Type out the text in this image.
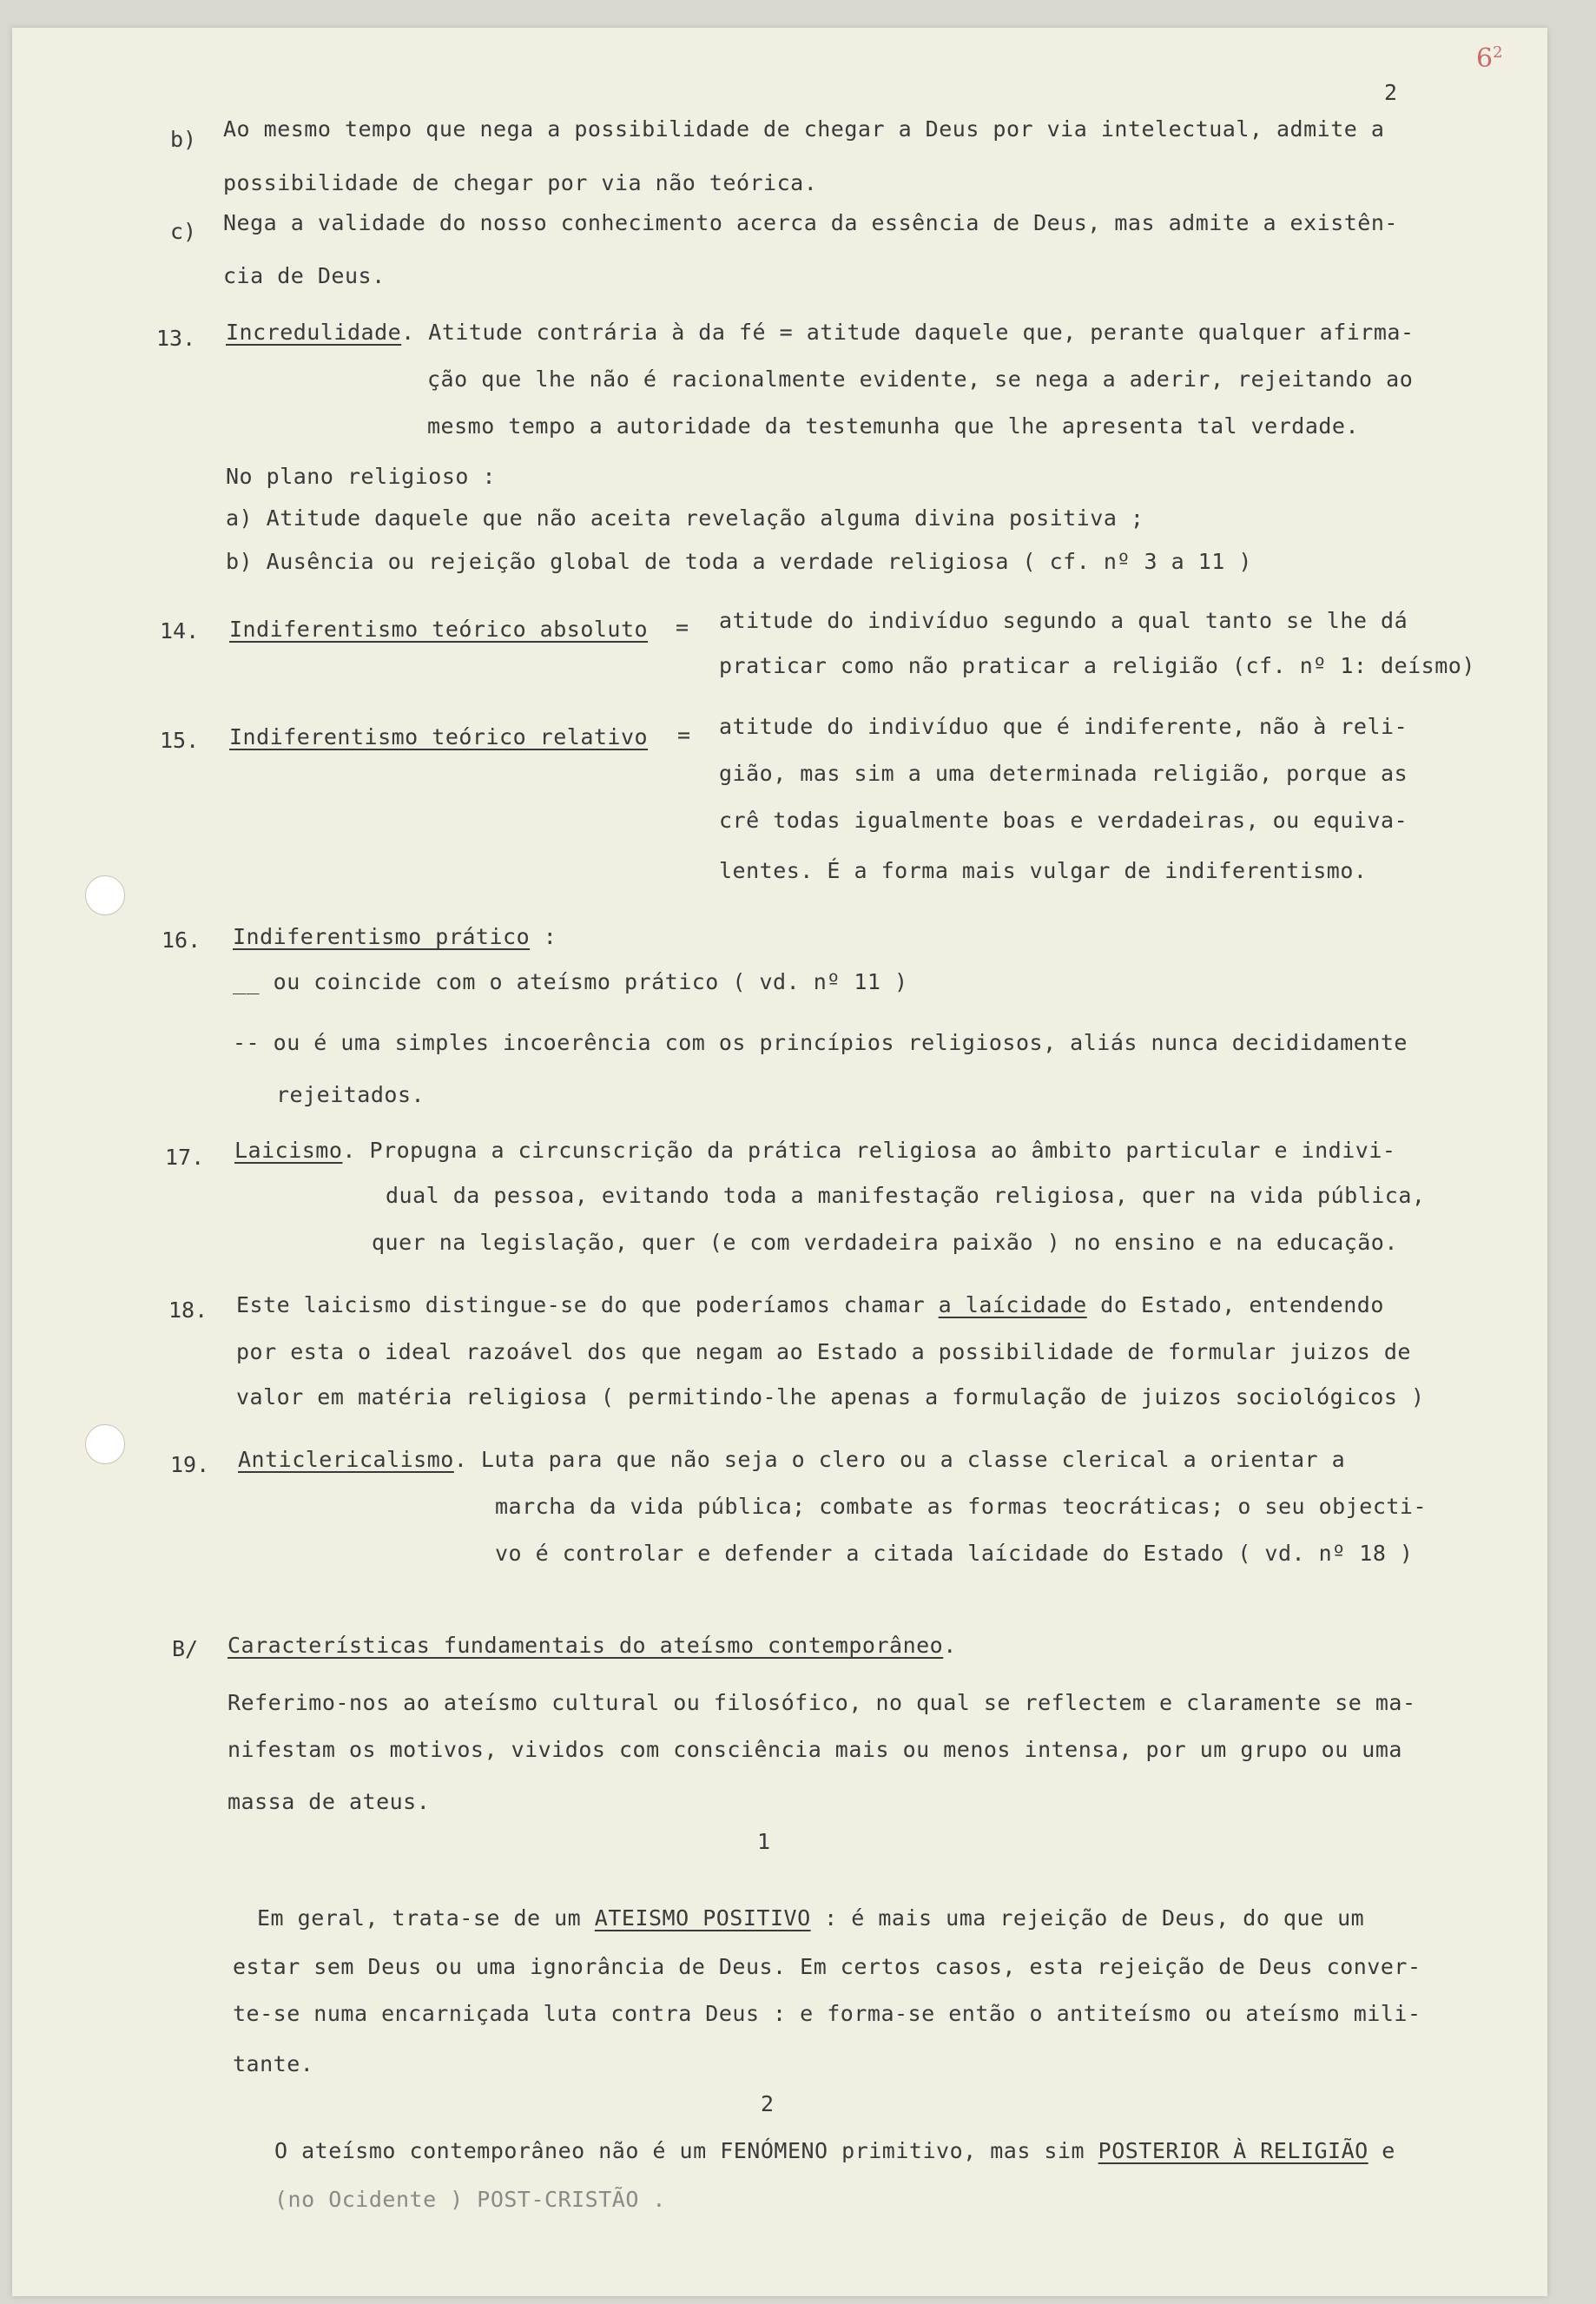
$6^2$
2
b) Ao mesmo tempo que nega a possibilidade de chegar a Deus por via intelectual, admite a
possibilidade de chegar por via não teórica.
c) Nega a validade do nosso conhecimento acerca da essência de Deus, mas admite a existên-
cia de Deus.
13. Incredulidade. Atitude contrária à da fé = atitude daquele que, perante qualquer afirma-
ção que lhe não é racionalmente evidente, se nega a aderir, rejeitando ao
mesmo tempo a autoridade da testemunha que lhe apresenta tal verdade.
No plano religioso :
a) Atitude daquele que não aceita revelação alguma divina positiva ;
b) Ausência ou rejeição global de toda a verdade religiosa ( cf. nº 3 a 11 )
14. Indiferentismo teórico absoluto = atitude do indivíduo segundo a qual tanto se lhe dá
praticar como não praticar a religião (cf. nº 1: deísmo)
15. Indiferentismo teórico relativo = atitude do indivíduo que é indiferente, não à reli-
gião, mas sim a uma determinada religião, porque as
crê todas igualmente boas e verdadeiras, ou equiva-
lentes. É a forma mais vulgar de indiferentismo.
16. Indiferentismo prático :
__ ou coincide com o ateísmo prático ( vd. nº 11 )
-- ou é uma simples incoerência com os princípios religiosos, aliás nunca decididamente
rejeitados.
17. Laicismo. Propugna a circunscrição da prática religiosa ao âmbito particular e indivi-
dual da pessoa, evitando toda a manifestação religiosa, quer na vida pública,
quer na legislação, quer (e com verdadeira paixão ) no ensino e na educação.
18. Este laicismo distingue-se do que poderíamos chamar a laícidade do Estado, entendendo
por esta o ideal razoável dos que negam ao Estado a possibilidade de formular juizos de
valor em matéria religiosa ( permitindo-lhe apenas a formulação de juizos sociológicos )
19. Anticlericalismo. Luta para que não seja o clero ou a classe clerical a orientar a
marcha da vida pública; combate as formas teocráticas; o seu objecti-
vo é controlar e defender a citada laícidade do Estado ( vd. nº 18 )
B/ Características fundamentais do ateísmo contemporâneo.
Referimo-nos ao ateísmo cultural ou filosófico, no qual se reflectem e claramente se ma-
nifestam os motivos, vividos com consciência mais ou menos intensa, por um grupo ou uma
massa de ateus.
1
Em geral, trata-se de um ATEISMO POSITIVO : é mais uma rejeição de Deus, do que um
estar sem Deus ou uma ignorância de Deus. Em certos casos, esta rejeição de Deus conver-
te-se numa encarniçada luta contra Deus : e forma-se então o antiteísmo ou ateísmo mili-
tante.
2
O ateísmo contemporâneo não é um FENÓMENO primitivo, mas sim POSTERIOR À RELIGIÃO e
(no Ocidente ) POST-CRISTÃO .
